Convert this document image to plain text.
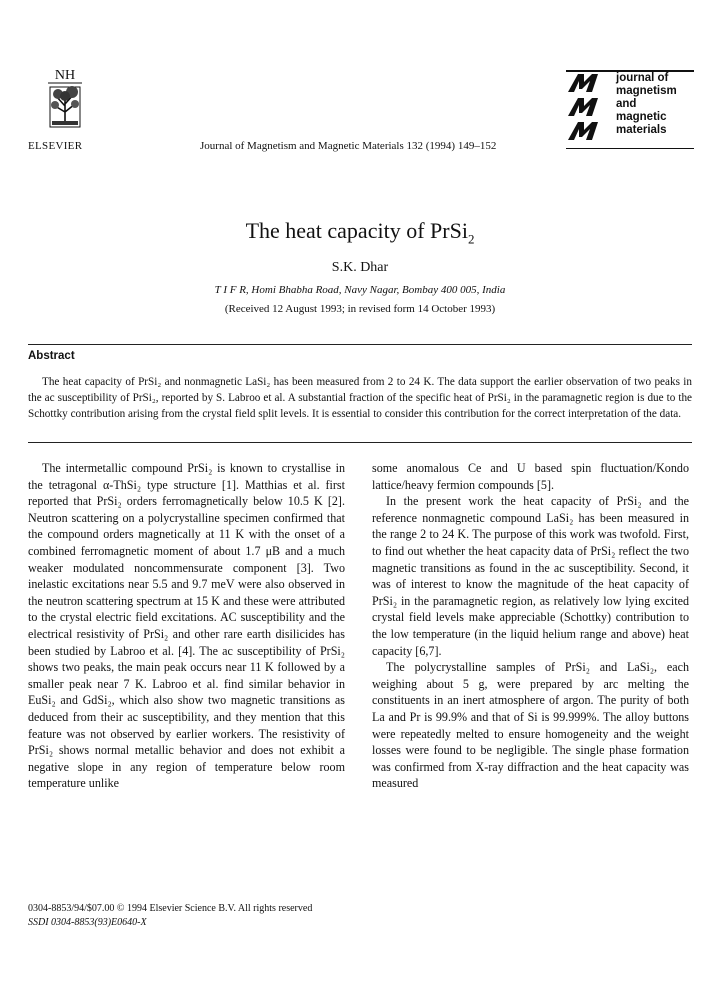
NH
ELSEVIER	Journal of Magnetism and Magnetic Materials 132 (1994) 149–152
journal of
magnetism
and
magnetic
materials
The heat capacity of PrSi$_2$
S.K. Dhar
T I F R, Homi Bhabha Road, Navy Nagar, Bombay 400 005, India
(Received 12 August 1993; in revised form 14 October 1993)
Abstract

The heat capacity of PrSi₂ and nonmagnetic LaSi₂ has been measured from 2 to 24 K. The data support the earlier observation of two peaks in the ac susceptibility of PrSi₂, reported by S. Labroo et al. A substantial fraction of the specific heat of PrSi₂ in the paramagnetic region is due to the Schottky contribution arising from the crystal field split levels. It is essential to consider this contribution for the correct interpretation of the data.

The intermetallic compound PrSi₂ is known to crystallise in the tetragonal α-ThSi₂ type structure [1]. Matthias et al. first reported that PrSi₂ orders ferromagnetically below 10.5 K [2]. Neutron scattering on a polycrystalline specimen confirmed that the compound orders magnetically at 11 K with the onset of a combined ferromagnetic moment of about 1.7 μB and a much weaker modulated noncommensurate component [3]. Two inelastic excitations near 5.5 and 9.7 meV were also observed in the neutron scattering spectrum at 15 K and these were attributed to the crystal electric field excitations. AC susceptibility and the electrical resistivity of PrSi₂ and other rare earth disilicides has been studied by Labroo et al. [4]. The ac susceptibility of PrSi₂ shows two peaks, the main peak occurs near 11 K followed by a smaller peak near 7 K. Labroo et al. find similar behavior in EuSi₂ and GdSi₂, which also show two magnetic transitions as deduced from their ac susceptibility, and they mention that this feature was not observed by earlier workers. The resistivity of PrSi₂ shows normal metallic behavior and does not exhibit a negative slope in any region of temperature below room temperature unlike

some anomalous Ce and U based spin fluctuation/Kondo lattice/heavy fermion compounds [5].

In the present work the heat capacity of PrSi₂ and the reference nonmagnetic compound LaSi₂ has been measured in the range 2 to 24 K. The purpose of this work was twofold. First, to find out whether the heat capacity data of PrSi₂ reflect the two magnetic transitions as found in the ac susceptibility. Second, it was of interest to know the magnitude of the heat capacity of PrSi₂ in the paramagnetic region, as relatively low lying excited crystal field levels make appreciable (Schottky) contribution to the low temperature (in the liquid helium range and above) heat capacity [6,7].

The polycrystalline samples of PrSi₂ and LaSi₂, each weighing about 5 g, were prepared by arc melting the constituents in an inert atmosphere of argon. The purity of both La and Pr is 99.9% and that of Si is 99.999%. The alloy buttons were repeatedly melted to ensure homogeneity and the weight losses were found to be negligible. The single phase formation was confirmed from X-ray diffraction and the heat capacity was measured

0304-8853/94/$07.00 © 1994 Elsevier Science B.V. All rights reserved
SSDI 0304-8853(93)E0640-X
